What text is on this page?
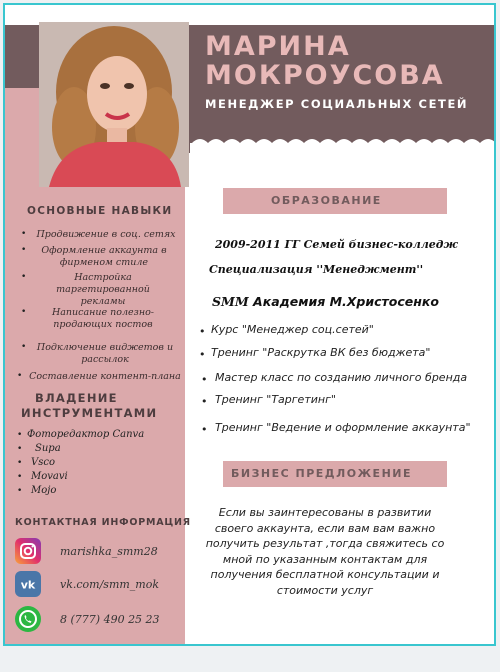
МАРИНА
МОКРОУСОВА
МЕНЕДЖЕР СОЦИАЛЬНЫХ СЕТЕЙ
ОСНОВНЫЕ НАВЫКИ
•	Продвижение в соц. сетях
•	Оформление аккаунта в фирменом стиле
•	Настройка таргетированной рекламы
•	Написание полезно-продающих постов
•	Подключение виджетов и рассылок
• Составление контент-плана
ВЛАДЕНИЕ
ИНСТРУМЕНТАМИ
• Фоторедактор Canva
• Supa
• Vsco
• Movavi
• Mojo
КОНТАКТНАЯ ИНФОРМАЦИЯ
marishka_smm28
vk vk.com/smm_mok
8 (777) 490 25 23
ОБРАЗОВАНИЕ
2009-2011 ГГ Семей бизнес-колледж
Специализация ''Менеджмент''
SMM Академия М.Христосенко
• Курс "Менеджер соц.сетей"
• Тренинг "Раскрутка ВК без бюджета"
• Мастер класс по созданию личного бренда
• Тренинг "Таргетинг"
• Тренинг "Ведение и оформление аккаунта"
БИЗНЕС ПРЕДЛОЖЕНИЕ
Если вы заинтересованы в развитии своего аккаунта, если вам вам важно получить результат ,тогда свяжитесь со мной по указанным контактам для получения бесплатной консультации и стоимости услуг
